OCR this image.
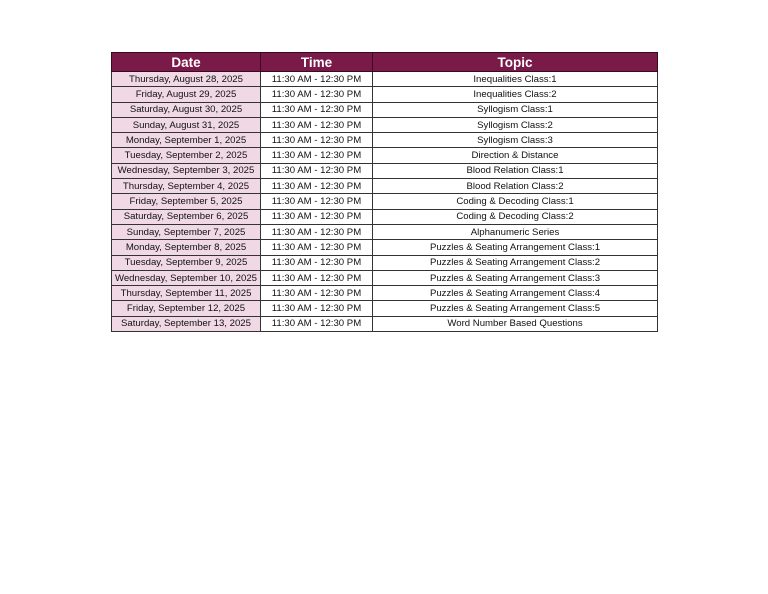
Date	Time	Topic
Thursday, August 28, 2025	11:30 AM - 12:30 PM	Inequalities Class:1
Friday, August 29, 2025	11:30 AM - 12:30 PM	Inequalities Class:2
Saturday, August 30, 2025	11:30 AM - 12:30 PM	Syllogism Class:1
Sunday, August 31, 2025	11:30 AM - 12:30 PM	Syllogism Class:2
Monday, September 1, 2025	11:30 AM - 12:30 PM	Syllogism Class:3
Tuesday, September 2, 2025	11:30 AM - 12:30 PM	Direction & Distance
Wednesday, September 3, 2025	11:30 AM - 12:30 PM	Blood Relation Class:1
Thursday, September 4, 2025	11:30 AM - 12:30 PM	Blood Relation Class:2
Friday, September 5, 2025	11:30 AM - 12:30 PM	Coding & Decoding Class:1
Saturday, September 6, 2025	11:30 AM - 12:30 PM	Coding & Decoding Class:2
Sunday, September 7, 2025	11:30 AM - 12:30 PM	Alphanumeric Series
Monday, September 8, 2025	11:30 AM - 12:30 PM	Puzzles & Seating Arrangement Class:1
Tuesday, September 9, 2025	11:30 AM - 12:30 PM	Puzzles & Seating Arrangement Class:2
Wednesday, September 10, 2025	11:30 AM - 12:30 PM	Puzzles & Seating Arrangement Class:3
Thursday, September 11, 2025	11:30 AM - 12:30 PM	Puzzles & Seating Arrangement Class:4
Friday, September 12, 2025	11:30 AM - 12:30 PM	Puzzles & Seating Arrangement Class:5
Saturday, September 13, 2025	11:30 AM - 12:30 PM	Word Number Based Questions
